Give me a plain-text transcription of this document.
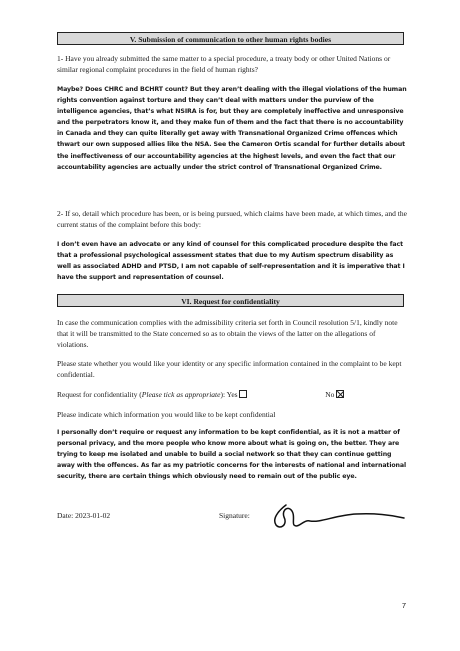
V. Submission of communication to other human rights bodies

1- Have you already submitted the same matter to a special procedure, a treaty body or other United Nations or similar regional complaint procedures in the field of human rights?

Maybe? Does CHRC and BCHRT count? But they aren’t dealing with the illegal violations of the human rights convention against torture and they can’t deal with matters under the purview of the intelligence agencies, that’s what NSIRA is for, but they are completely ineffective and unresponsive and the perpetrators know it, and they make fun of them and the fact that there is no accountability in Canada and they can quite literally get away with Transnational Organized Crime offences which thwart our own supposed allies like the NSA. See the Cameron Ortis scandal for further details about the ineffectiveness of our accountability agencies at the highest levels, and even the fact that our accountability agencies are actually under the strict control of Transnational Organized Crime.

2- If so, detail which procedure has been, or is being pursued, which claims have been made, at which times, and the current status of the complaint before this body:

I don’t even have an advocate or any kind of counsel for this complicated procedure despite the fact that a professional psychological assessment states that due to my Autism spectrum disability as well as associated ADHD and PTSD, I am not capable of self-representation and it is imperative that I have the support and representation of counsel.

VI. Request for confidentiality

In case the communication complies with the admissibility criteria set forth in Council resolution 5/1, kindly note that it will be transmitted to the State concerned so as to obtain the views of the latter on the allegations of violations.

Please state whether you would like your identity or any specific information contained in the complaint to be kept confidential.

Request for confidentiality (Please tick as appropriate): Yes	No

Please indicate which information you would like to be kept confidential

I personally don’t require or request any information to be kept confidential, as it is not a matter of personal privacy, and the more people who know more about what is going on, the better. They are trying to keep me isolated and unable to build a social network so that they can continue getting away with the offences. As far as my patriotic concerns for the interests of national and international security, there are certain things which obviously need to remain out of the public eye.

Date: 2023-01-02	Signature:
7
